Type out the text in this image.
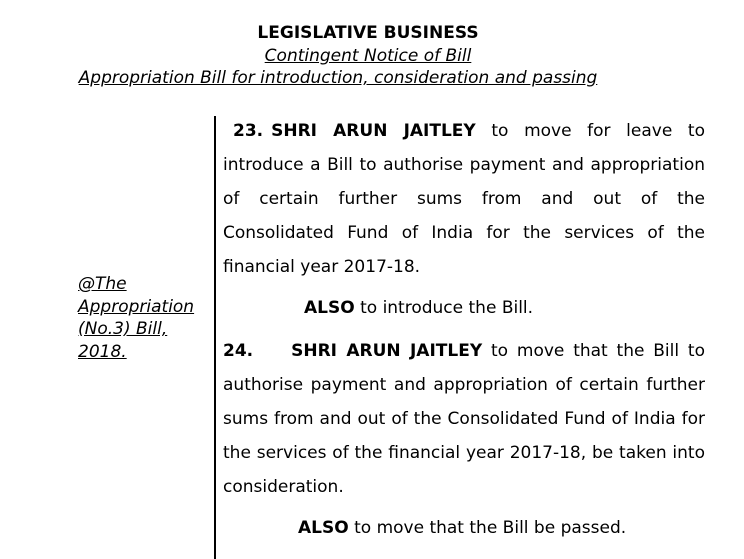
LEGISLATIVE BUSINESS
Contingent Notice of Bill
Appropriation Bill for introduction, consideration and passing
@The
Appropriation
(No.3) Bill,
2018.
23. SHRI ARUN JAITLEY to move for leave to introduce a Bill to authorise payment and appropriation of certain further sums from and out of the Consolidated Fund of India for the services of the financial year 2017-18.
ALSO to introduce the Bill.
24. SHRI ARUN JAITLEY to move that the Bill to authorise payment and appropriation of certain further sums from and out of the Consolidated Fund of India for the services of the financial year 2017-18, be taken into consideration.
ALSO to move that the Bill be passed.
